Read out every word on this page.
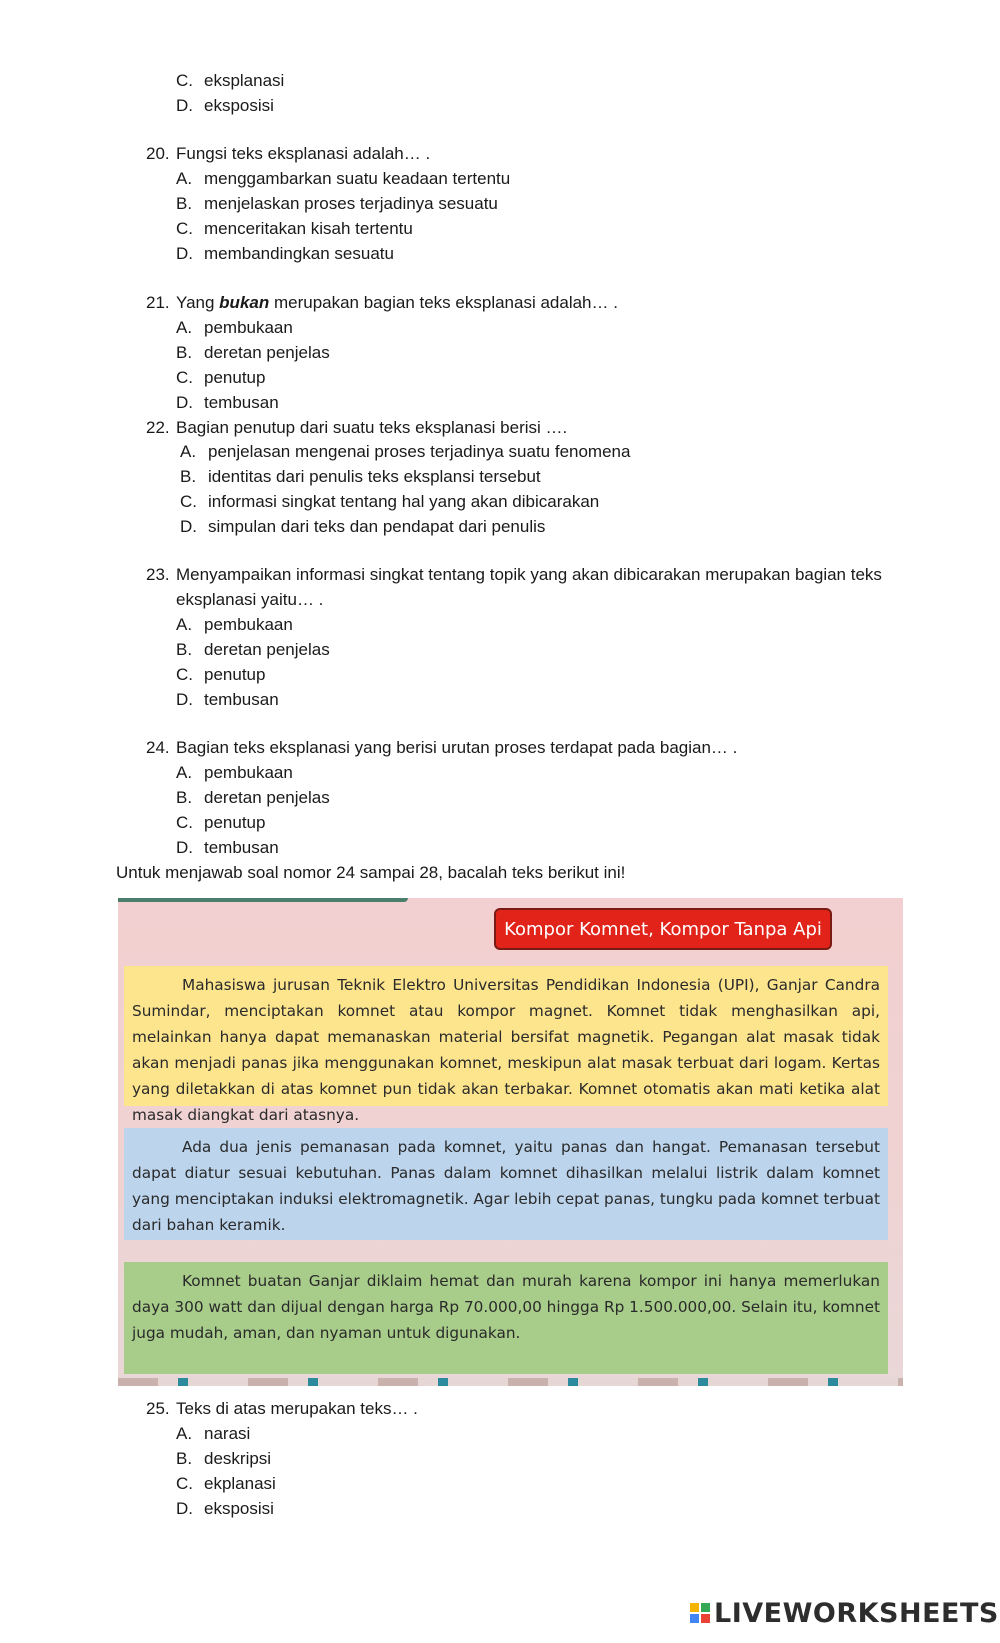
C. eksplanasi
D. eksposisi
20. Fungsi teks eksplanasi adalah… .
A. menggambarkan suatu keadaan tertentu
B. menjelaskan proses terjadinya sesuatu
C. menceritakan kisah tertentu
D. membandingkan sesuatu
21. Yang bukan merupakan bagian teks eksplanasi adalah… .
A. pembukaan
B. deretan penjelas
C. penutup
D. tembusan
22. Bagian penutup dari suatu teks eksplanasi berisi ….
A. penjelasan mengenai proses terjadinya suatu fenomena
B. identitas dari penulis teks eksplansi tersebut
C. informasi singkat tentang hal yang akan dibicarakan
D. simpulan dari teks dan pendapat dari penulis
23. Menyampaikan informasi singkat tentang topik yang akan dibicarakan merupakan bagian teks
eksplanasi yaitu… .
A. pembukaan
B. deretan penjelas
C. penutup
D. tembusan
24. Bagian teks eksplanasi yang berisi urutan proses terdapat pada bagian… .
A. pembukaan
B. deretan penjelas
C. penutup
D. tembusan
Untuk menjawab soal nomor 24 sampai 28, bacalah teks berikut ini!
Kompor Komnet, Kompor Tanpa Api
Mahasiswa jurusan Teknik Elektro Universitas Pendidikan Indonesia (UPI), Ganjar Candra Sumindar, menciptakan komnet atau kompor magnet. Komnet tidak menghasilkan api, melainkan hanya dapat memanaskan material bersifat magnetik. Pegangan alat masak tidak akan menjadi panas jika menggunakan komnet, meskipun alat masak terbuat dari logam. Kertas yang diletakkan di atas komnet pun tidak akan terbakar. Komnet otomatis akan mati ketika alat masak diangkat dari atasnya.
Ada dua jenis pemanasan pada komnet, yaitu panas dan hangat. Pemanasan tersebut dapat diatur sesuai kebutuhan. Panas dalam komnet dihasilkan melalui listrik dalam komnet yang menciptakan induksi elektromagnetik. Agar lebih cepat panas, tungku pada komnet terbuat dari bahan keramik.
Komnet buatan Ganjar diklaim hemat dan murah karena kompor ini hanya memerlukan daya 300 watt dan dijual dengan harga Rp 70.000,00 hingga Rp 1.500.000,00. Selain itu, komnet juga mudah, aman, dan nyaman untuk digunakan.
25. Teks di atas merupakan teks… .
A. narasi
B. deskripsi
C. ekplanasi
D. eksposisi
LIVEWORKSHEETS
